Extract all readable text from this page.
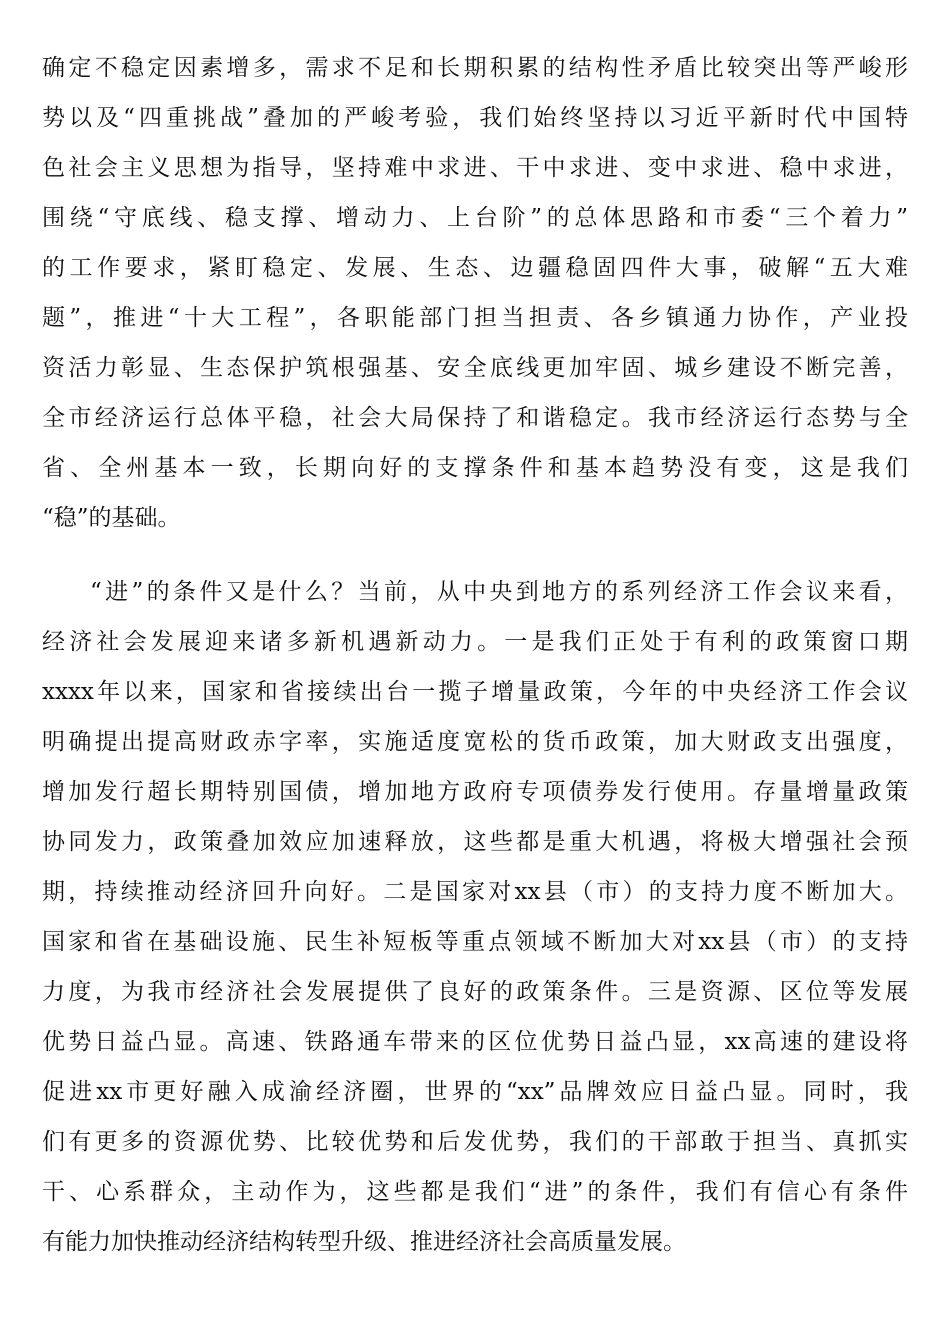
确定不稳定因素增多，需求不足和长期积累的结构性矛盾比较突出等严峻形
势以及“四重挑战”叠加的严峻考验，我们始终坚持以习近平新时代中国特
色社会主义思想为指导，坚持难中求进、干中求进、变中求进、稳中求进，
围绕“守底线、稳支撑、增动力、上台阶”的总体思路和市委“三个着力”
的工作要求，紧盯稳定、发展、生态、边疆稳固四件大事，破解“五大难
题”，推进“十大工程”，各职能部门担当担责、各乡镇通力协作，产业投
资活力彰显、生态保护筑根强基、安全底线更加牢固、城乡建设不断完善，
全市经济运行总体平稳，社会大局保持了和谐稳定。我市经济运行态势与全
省、全州基本一致，长期向好的支撑条件和基本趋势没有变，这是我们
“稳”的基础。
“进”的条件又是什么？当前，从中央到地方的系列经济工作会议来看，
经济社会发展迎来诸多新机遇新动力。一是我们正处于有利的政策窗口期
xxxx年以来，国家和省接续出台一揽子增量政策，今年的中央经济工作会议
明确提出提高财政赤字率，实施适度宽松的货币政策，加大财政支出强度，
增加发行超长期特别国债，增加地方政府专项债券发行使用。存量增量政策
协同发力，政策叠加效应加速释放，这些都是重大机遇，将极大增强社会预
期，持续推动经济回升向好。二是国家对xx县（市）的支持力度不断加大。
国家和省在基础设施、民生补短板等重点领域不断加大对xx县（市）的支持
力度，为我市经济社会发展提供了良好的政策条件。三是资源、区位等发展
优势日益凸显。高速、铁路通车带来的区位优势日益凸显，xx高速的建设将
促进xx市更好融入成渝经济圈，世界的“xx”品牌效应日益凸显。同时，我
们有更多的资源优势、比较优势和后发优势，我们的干部敢于担当、真抓实
干、心系群众，主动作为，这些都是我们“进”的条件，我们有信心有条件
有能力加快推动经济结构转型升级、推进经济社会高质量发展。
